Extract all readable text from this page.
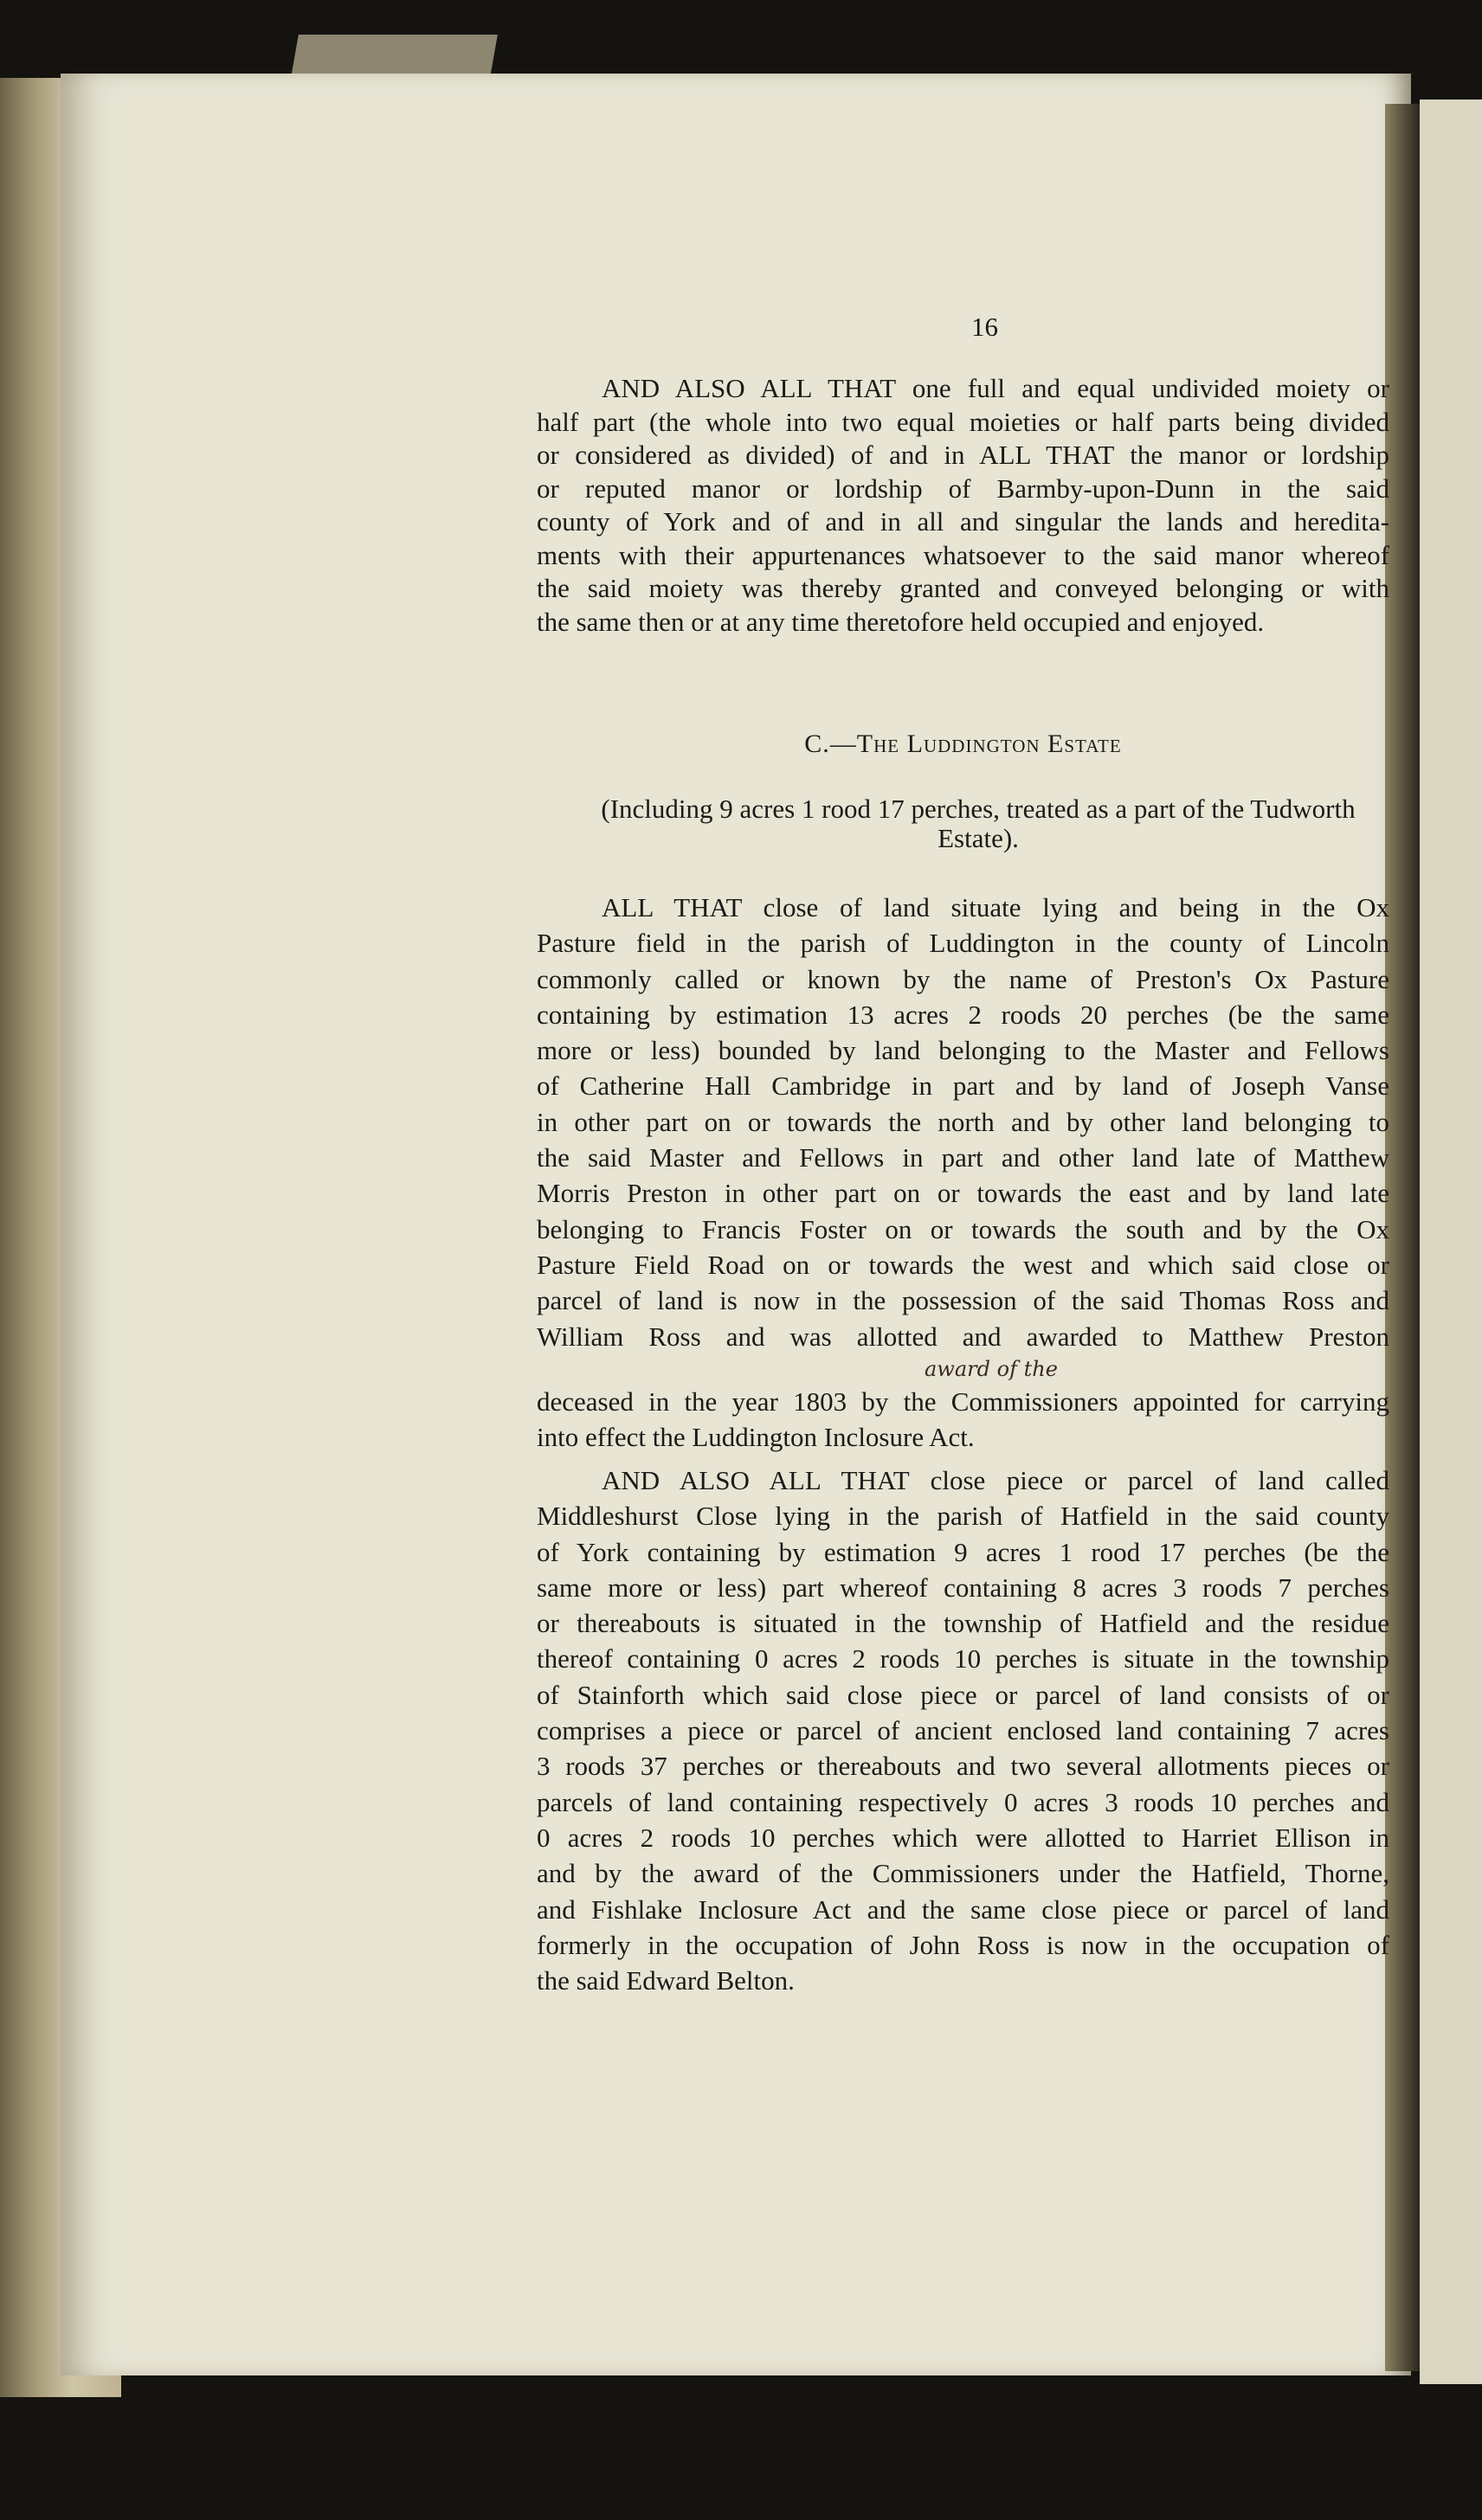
16
AND ALSO ALL THAT one full and equal undivided moiety or
half part (the whole into two equal moieties or half parts being divided
or considered as divided) of and in ALL THAT the manor or lordship
or reputed manor or lordship of Barmby-upon-Dunn in the said
county of York and of and in all and singular the lands and heredita-
ments with their appurtenances whatsoever to the said manor whereof
the said moiety was thereby granted and conveyed belonging or with
the same then or at any time theretofore held occupied and enjoyed.
C.—The Luddington Estate
(Including 9 acres 1 rood 17 perches, treated as a part of the Tudworth Estate).
ALL THAT close of land situate lying and being in the Ox
Pasture field in the parish of Luddington in the county of Lincoln
commonly called or known by the name of Preston's Ox Pasture
containing by estimation 13 acres 2 roods 20 perches (be the same
more or less) bounded by land belonging to the Master and Fellows
of Catherine Hall Cambridge in part and by land of Joseph Vanse
in other part on or towards the north and by other land belonging to
the said Master and Fellows in part and other land late of Matthew
Morris Preston in other part on or towards the east and by land late
belonging to Francis Foster on or towards the south and by the Ox
Pasture Field Road on or towards the west and which said close or
parcel of land is now in the possession of the said Thomas Ross and
William Ross and was allotted and awarded to Matthew Preston
deceased in the year 1803 by the Commissioners appointed for carrying
into effect the Luddington Inclosure Act.
award of the
AND ALSO ALL THAT close piece or parcel of land called
Middleshurst Close lying in the parish of Hatfield in the said county
of York containing by estimation 9 acres 1 rood 17 perches (be the
same more or less) part whereof containing 8 acres 3 roods 7 perches
or thereabouts is situated in the township of Hatfield and the residue
thereof containing 0 acres 2 roods 10 perches is situate in the township
of Stainforth which said close piece or parcel of land consists of or
comprises a piece or parcel of ancient enclosed land containing 7 acres
3 roods 37 perches or thereabouts and two several allotments pieces or
parcels of land containing respectively 0 acres 3 roods 10 perches and
0 acres 2 roods 10 perches which were allotted to Harriet Ellison in
and by the award of the Commissioners under the Hatfield, Thorne,
and Fishlake Inclosure Act and the same close piece or parcel of land
formerly in the occupation of John Ross is now in the occupation of
the said Edward Belton.
